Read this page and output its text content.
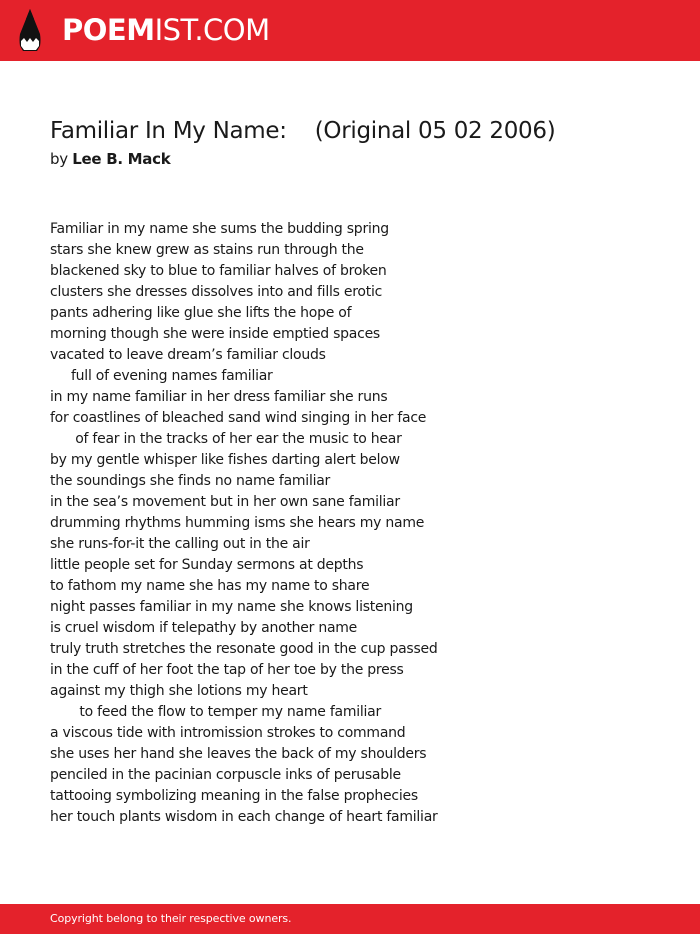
POEMIST.COM
Familiar In My Name:    (Original 05 02 2006)
by Lee B. Mack
Familiar in my name she sums the budding spring
stars she knew grew as stains run through the
blackened sky to blue to familiar halves of broken
clusters she dresses dissolves into and fills erotic
pants adhering like glue she lifts the hope of
morning though she were inside emptied spaces
vacated to leave dream’s familiar clouds
full of evening names familiar
in my name familiar in her dress familiar she runs
for coastlines of bleached sand wind singing in her face
of fear in the tracks of her ear the music to hear
by my gentle whisper like fishes darting alert below
the soundings she finds no name familiar
in the sea’s movement but in her own sane familiar
drumming rhythms humming isms she hears my name
she runs-for-it the calling out in the air
little people set for Sunday sermons at depths
to fathom my name she has my name to share
night passes familiar in my name she knows listening
is cruel wisdom if telepathy by another name
truly truth stretches the resonate good in the cup passed
in the cuff of her foot the tap of her toe by the press
against my thigh she lotions my heart
to feed the flow to temper my name familiar
a viscous tide with intromission strokes to command
she uses her hand she leaves the back of my shoulders
penciled in the pacinian corpuscle inks of perusable
tattooing symbolizing meaning in the false prophecies
her touch plants wisdom in each change of heart familiar
Copyright belong to their respective owners.
